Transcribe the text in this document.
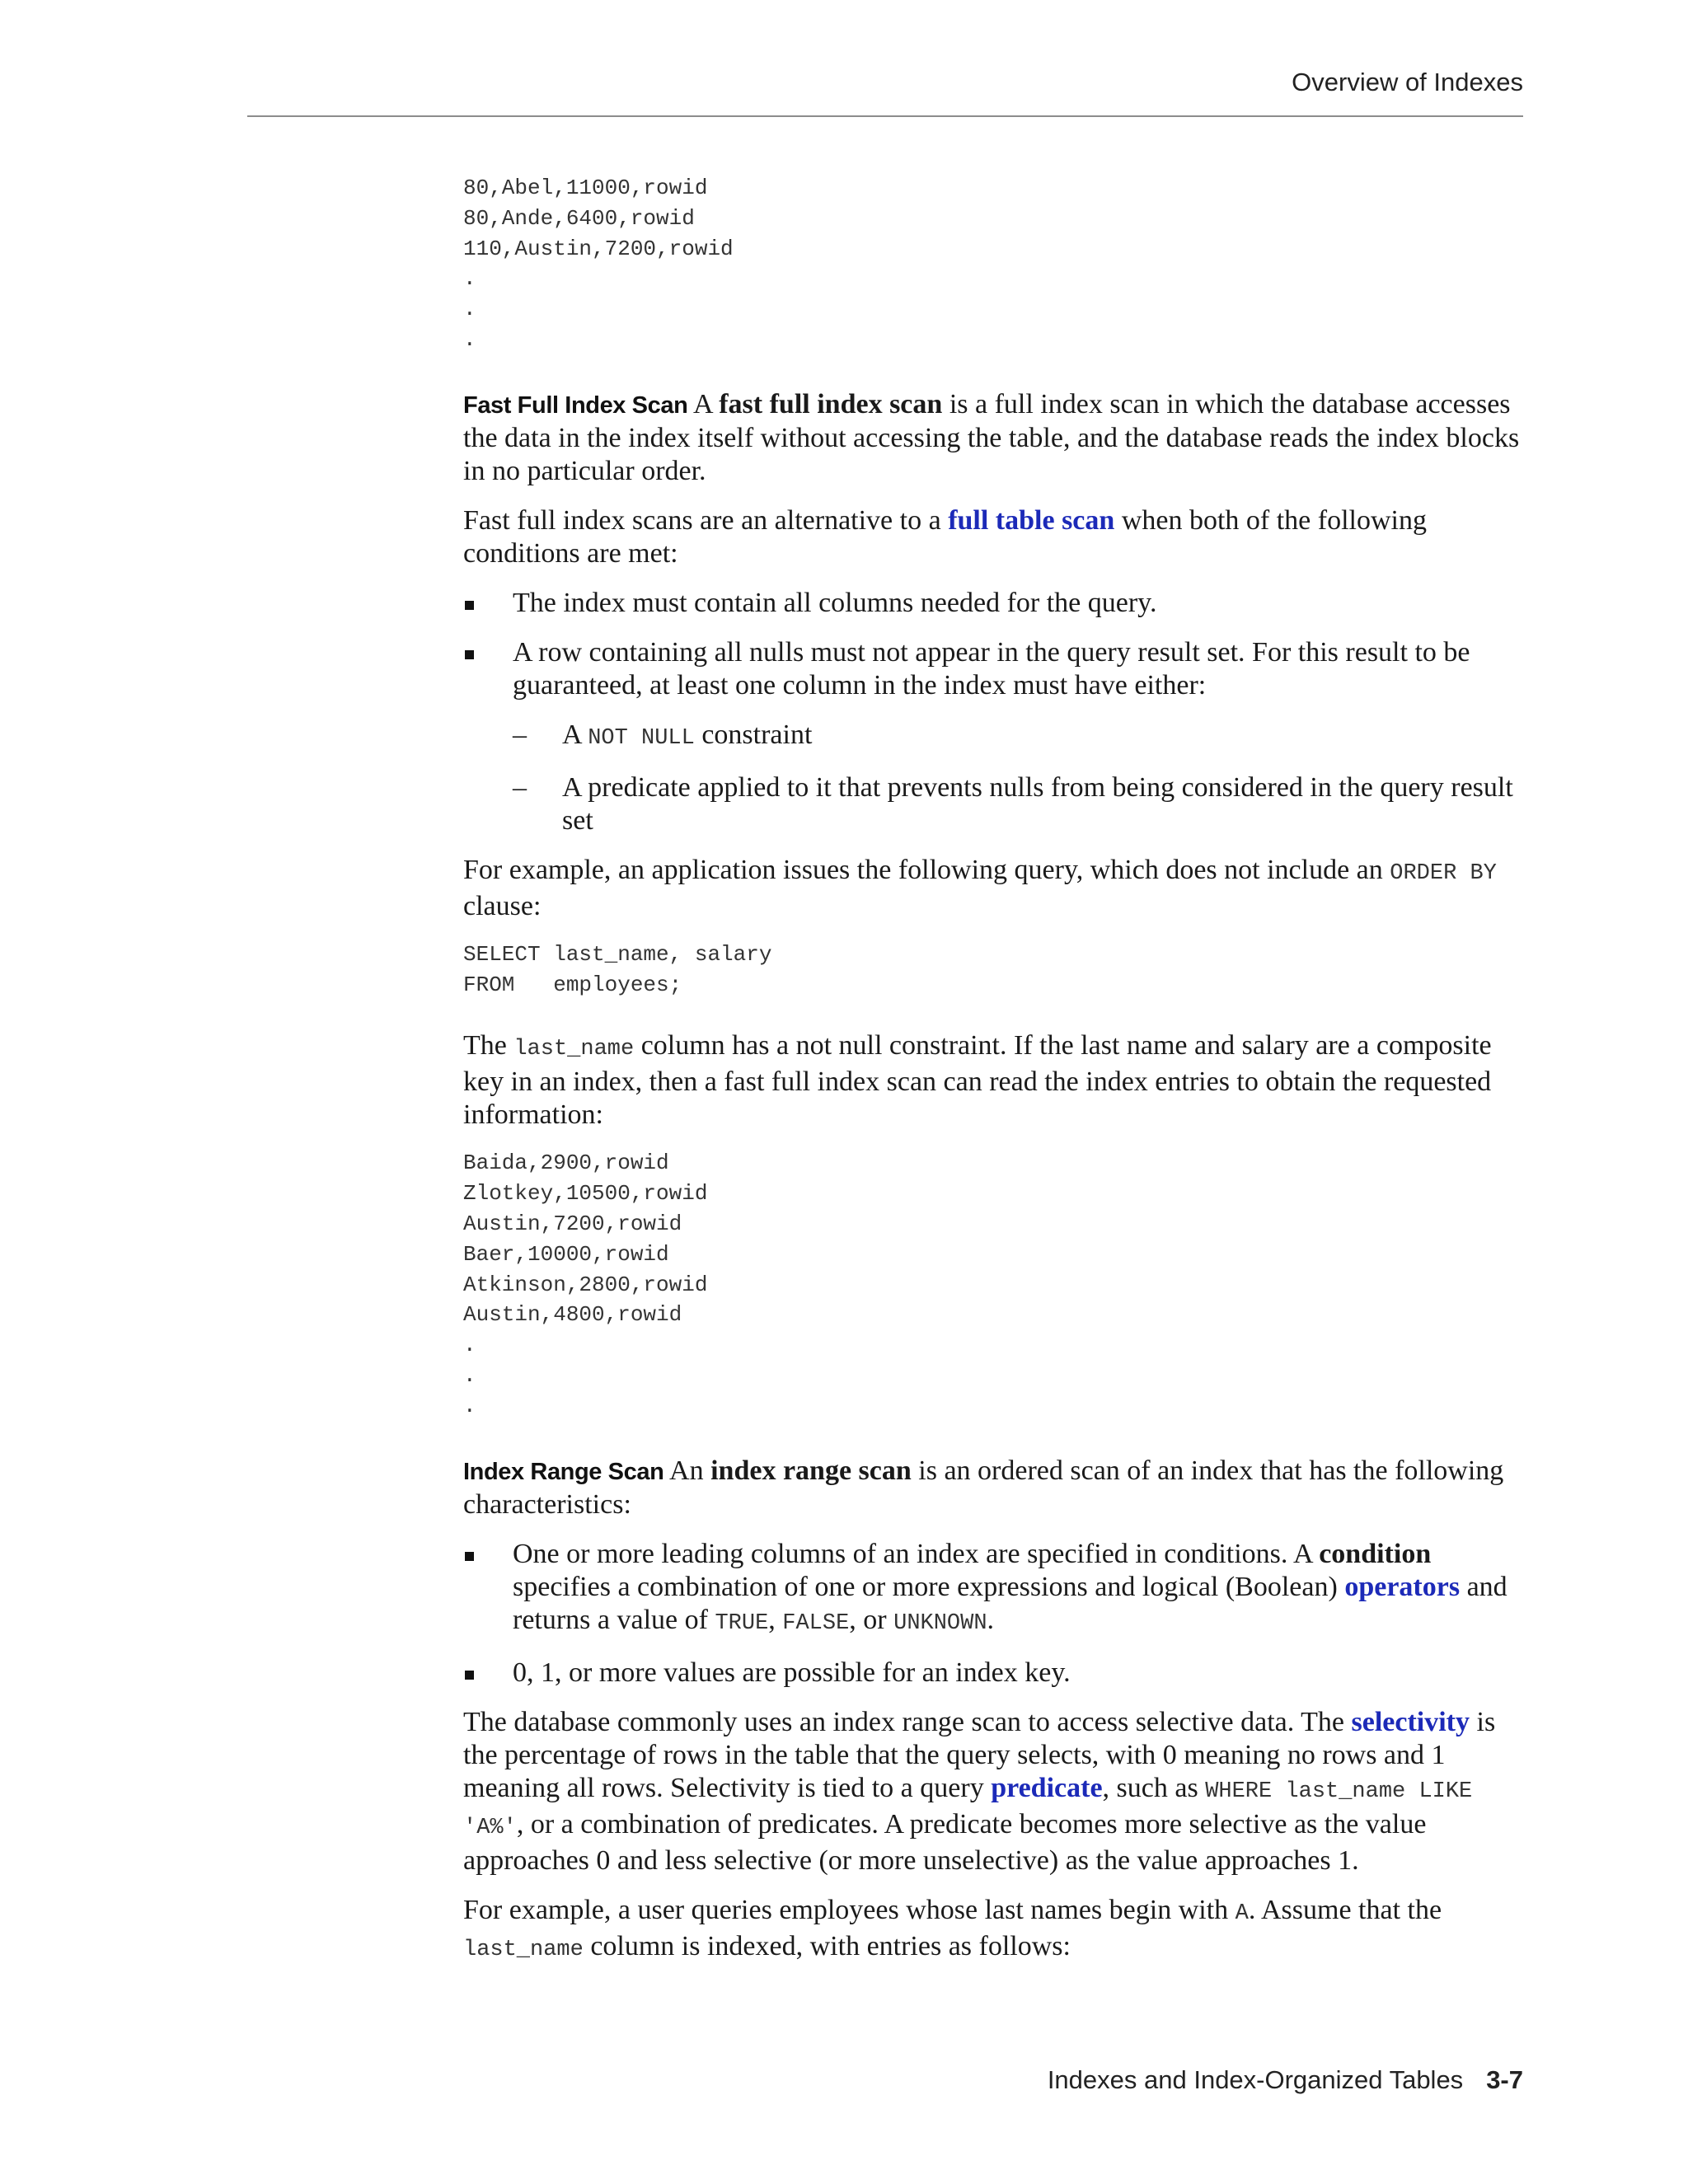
Overview of Indexes
80,Abel,11000,rowid
80,Ande,6400,rowid
110,Austin,7200,rowid
.
.
.

Fast Full Index Scan A fast full index scan is a full index scan in which the database accesses the data in the index itself without accessing the table, and the database reads the index blocks in no particular order.

Fast full index scans are an alternative to a full table scan when both of the following conditions are met:

The index must contain all columns needed for the query.
A row containing all nulls must not appear in the query result set. For this result to be guaranteed, at least one column in the index must have either:
– A NOT NULL constraint
– A predicate applied to it that prevents nulls from being considered in the query result set

For example, an application issues the following query, which does not include an ORDER BY clause:

SELECT last_name, salary
FROM   employees;

The last_name column has a not null constraint. If the last name and salary are a composite key in an index, then a fast full index scan can read the index entries to obtain the requested information:

Baida,2900,rowid
Zlotkey,10500,rowid
Austin,7200,rowid
Baer,10000,rowid
Atkinson,2800,rowid
Austin,4800,rowid
.
.
.

Index Range Scan An index range scan is an ordered scan of an index that has the following characteristics:

One or more leading columns of an index are specified in conditions. A condition specifies a combination of one or more expressions and logical (Boolean) operators and returns a value of TRUE, FALSE, or UNKNOWN.
0, 1, or more values are possible for an index key.

The database commonly uses an index range scan to access selective data. The selectivity is the percentage of rows in the table that the query selects, with 0 meaning no rows and 1 meaning all rows. Selectivity is tied to a query predicate, such as WHERE last_name LIKE 'A%', or a combination of predicates. A predicate becomes more selective as the value approaches 0 and less selective (or more unselective) as the value approaches 1.

For example, a user queries employees whose last names begin with A. Assume that the last_name column is indexed, with entries as follows:

Indexes and Index-Organized Tables 3-7
